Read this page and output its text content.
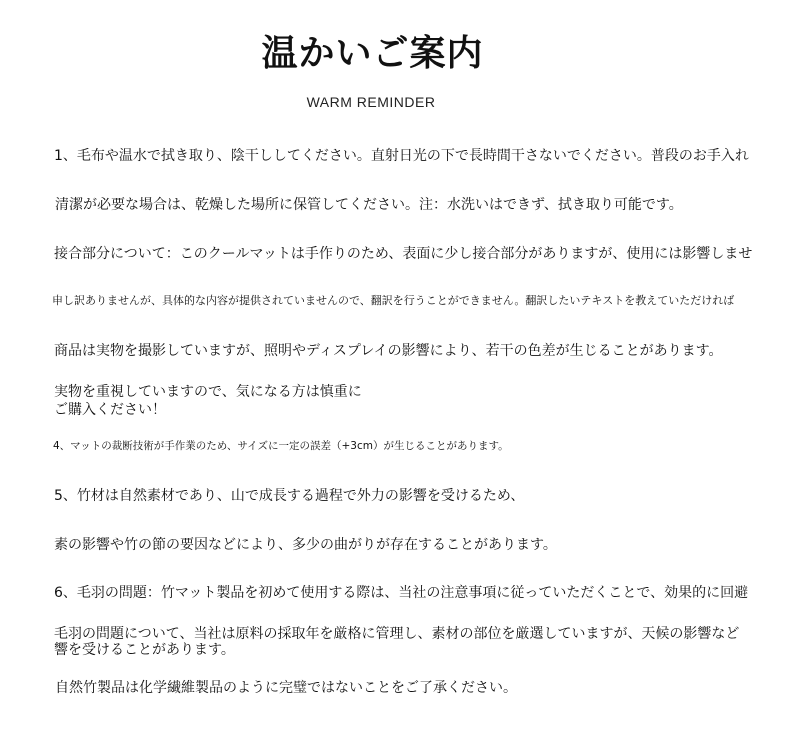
温かいご案内
WARM REMINDER
1、毛布や温水で拭き取り、陰干ししてください。直射日光の下で長時間干さないでください。普段のお手入れ
清潔が必要な場合は、乾燥した場所に保管してください。注：水洗いはできず、拭き取り可能です。
接合部分について：このクールマットは手作りのため、表面に少し接合部分がありますが、使用には影響しませ
申し訳ありませんが、具体的な内容が提供されていませんので、翻訳を行うことができません。翻訳したいテキストを教えていただければ
商品は実物を撮影していますが、照明やディスプレイの影響により、若干の色差が生じることがあります。
実物を重視していますので、気になる方は慎重に
ご購入ください！
4、マットの裁断技術が手作業のため、サイズに一定の誤差（+3cm）が生じることがあります。
5、竹材は自然素材であり、山で成長する過程で外力の影響を受けるため、
素の影響や竹の節の要因などにより、多少の曲がりが存在することがあります。
6、毛羽の問題：竹マット製品を初めて使用する際は、当社の注意事項に従っていただくことで、効果的に回避
毛羽の問題について、当社は原料の採取年を厳格に管理し、素材の部位を厳選していますが、天候の影響など
響を受けることがあります。
自然竹製品は化学繊維製品のように完璧ではないことをご了承ください。
